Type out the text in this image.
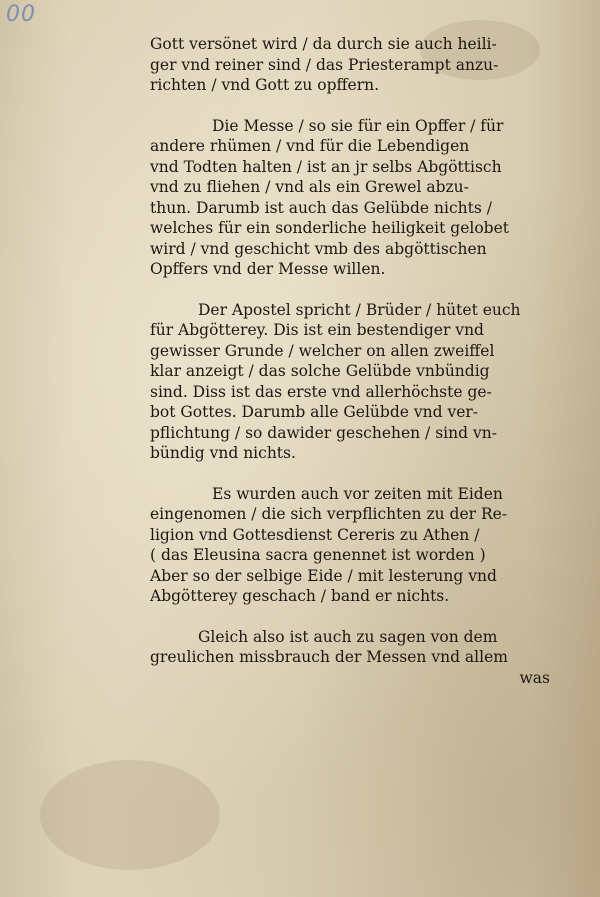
00
Gott versönet wird / da durch sie auch heili-
ger vnd reiner sind / das Priesterampt anzu-
richten / vnd Gott zu opffern.
Die Messe / so sie für ein Opffer / für
andere rhümen / vnd für die Lebendigen
vnd Todten halten / ist an jr selbs Abgöttisch
vnd zu fliehen / vnd als ein Grewel abzu-
thun. Darumb ist auch das Gelübde nichts /
welches für ein sonderliche heiligkeit gelobet
wird / vnd geschicht vmb des abgöttischen
Opffers vnd der Messe willen.
Der Apostel spricht / Brüder / hütet euch
für Abgötterey. Dis ist ein bestendiger vnd
gewisser Grunde / welcher on allen zweiffel
klar anzeigt / das solche Gelübde vnbündig
sind. Diss ist das erste vnd allerhöchste ge-
bot Gottes. Darumb alle Gelübde vnd ver-
pflichtung / so dawider geschehen / sind vn-
bündig vnd nichts.
Es wurden auch vor zeiten mit Eiden
eingenomen / die sich verpflichten zu der Re-
ligion vnd Gottesdienst Cereris zu Athen /
( das Eleusina sacra genennet ist worden )
Aber so der selbige Eide / mit lesterung vnd
Abgötterey geschach / band er nichts.
Gleich also ist auch zu sagen von dem
greulichen missbrauch der Messen vnd allem
was
